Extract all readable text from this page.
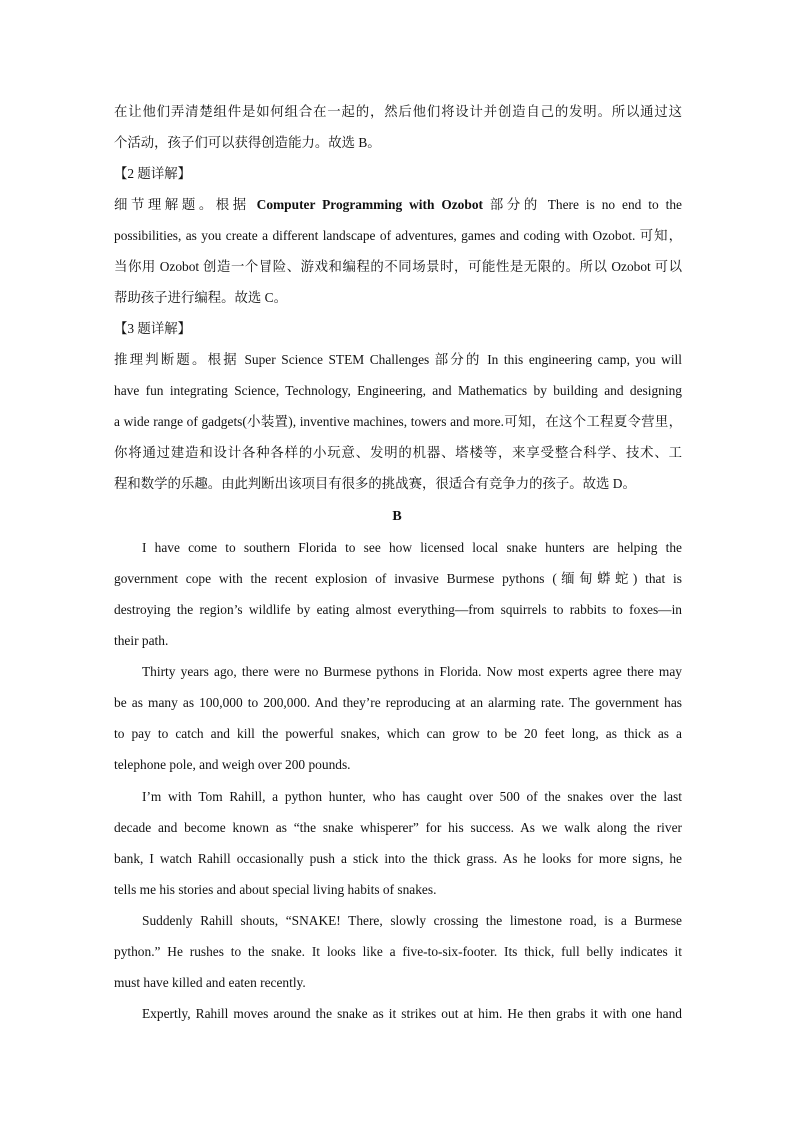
在让他们弄清楚组件是如何组合在一起的，然后他们将设计并创造自己的发明。所以通过这
个活动，孩子们可以获得创造能力。故选 B。
【2 题详解】
细节理解题。根据 Computer Programming with Ozobot 部分的 There is no end to the
possibilities, as you create a different landscape of adventures, games and coding with Ozobot. 可知，
当你用 Ozobot 创造一个冒险、游戏和编程的不同场景时，可能性是无限的。所以 Ozobot 可以
帮助孩子进行编程。故选 C。
【3 题详解】
推理判断题。根据 Super Science STEM Challenges 部分的 In this engineering camp, you will
have fun integrating Science, Technology, Engineering, and Mathematics by building and designing
a wide range of gadgets(小装置), inventive machines, towers and more.可知，在这个工程夏令营里，
你将通过建造和设计各种各样的小玩意、发明的机器、塔楼等，来享受整合科学、技术、工
程和数学的乐趣。由此判断出该项目有很多的挑战赛，很适合有竞争力的孩子。故选 D。
B
I have come to southern Florida to see how licensed local snake hunters are helping the
government cope with the recent explosion of invasive Burmese pythons (缅甸蟒蛇) that is
destroying the region’s wildlife by eating almost everything—from squirrels to rabbits to foxes—in
their path.
Thirty years ago, there were no Burmese pythons in Florida. Now most experts agree there may
be as many as 100,000 to 200,000. And they’re reproducing at an alarming rate. The government has
to pay to catch and kill the powerful snakes, which can grow to be 20 feet long, as thick as a
telephone pole, and weigh over 200 pounds.
I’m with Tom Rahill, a python hunter, who has caught over 500 of the snakes over the last
decade and become known as “the snake whisperer” for his success. As we walk along the river
bank, I watch Rahill occasionally push a stick into the thick grass. As he looks for more signs, he
tells me his stories and about special living habits of snakes.
Suddenly Rahill shouts, “SNAKE! There, slowly crossing the limestone road, is a Burmese
python.” He rushes to the snake. It looks like a five-to-six-footer. Its thick, full belly indicates it
must have killed and eaten recently.
Expertly, Rahill moves around the snake as it strikes out at him. He then grabs it with one hand
